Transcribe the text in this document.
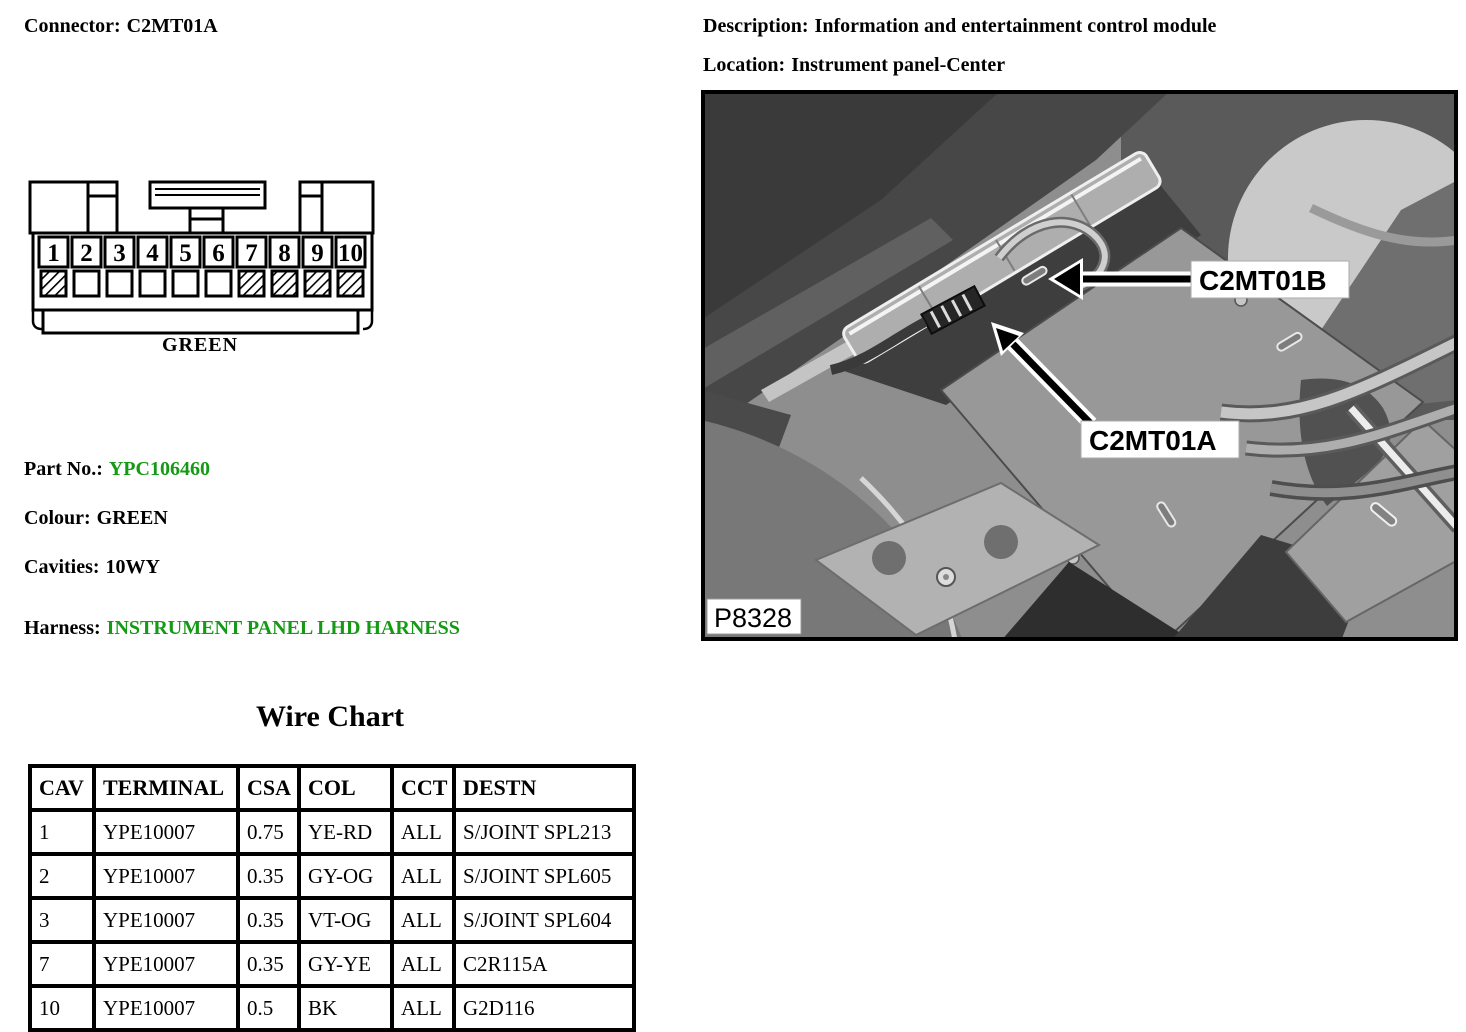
Connector: C2MT01A	Description: Information and entertainment control module
Location: Instrument panel-Center
1 2 3 4 5 6 7 8 9 10
GREEN
Part No.: YPC106460
Colour: GREEN
Cavities: 10WY
Harness: INSTRUMENT PANEL LHD HARNESS
C2MT01B
C2MT01A
P8328
Wire Chart
CAV	TERMINAL	CSA	COL	CCT	DESTN
1	YPE10007	0.75	YE-RD	ALL	S/JOINT SPL213
2	YPE10007	0.35	GY-OG	ALL	S/JOINT SPL605
3	YPE10007	0.35	VT-OG	ALL	S/JOINT SPL604
7	YPE10007	0.35	GY-YE	ALL	C2R115A
10	YPE10007	0.5	BK	ALL	G2D116
